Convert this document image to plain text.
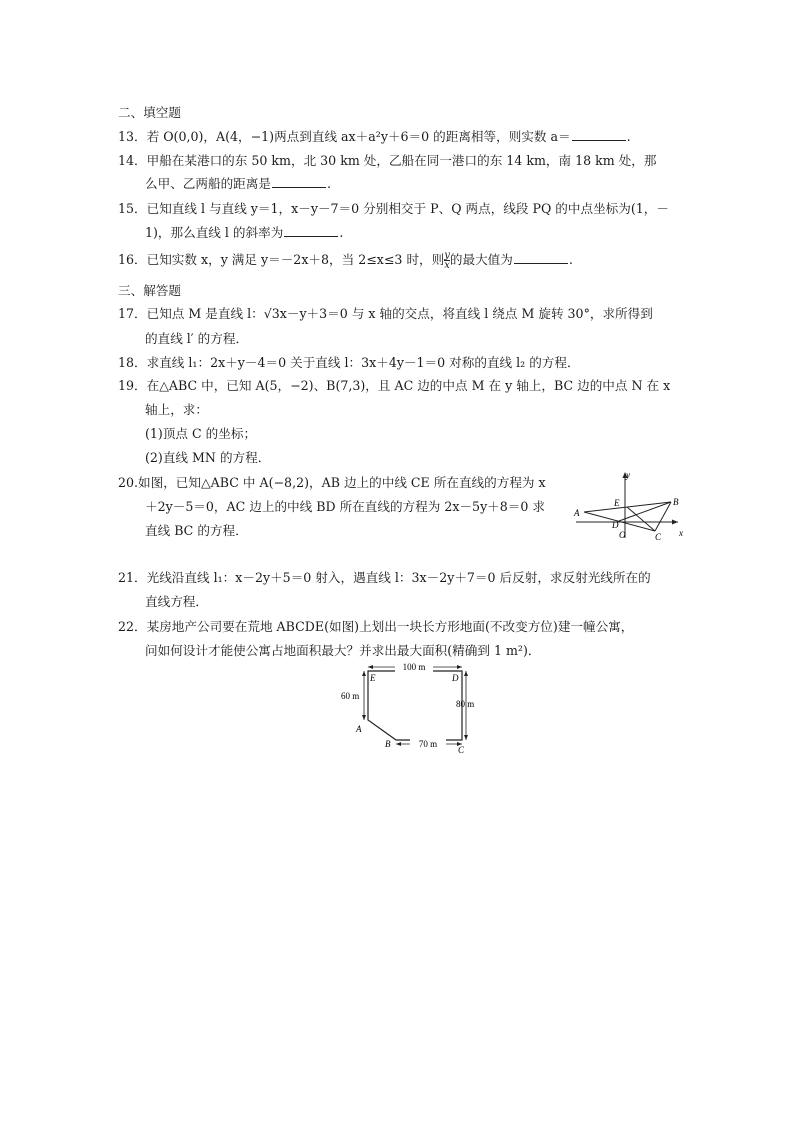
二、填空题
13．若 O(0,0)，A(4，−1)两点到直线 ax＋a²y＋6＝0 的距离相等，则实数 a＝	.
14．甲船在某港口的东 50 km，北 30 km 处，乙船在同一港口的东 14 km，南 18 km 处，那
么甲、乙两船的距离是	.
15．已知直线 l 与直线 y＝1，x－y－7＝0 分别相交于 P、Q 两点，线段 PQ 的中点坐标为(1，－
1)，那么直线 l 的斜率为	.
16．已知实数 x，y 满足 y＝－2x＋8，当 2≤x≤3 时，则 $\frac{y}{x}$ 的最大值为	.
三、解答题
17．已知点 M 是直线 l：√3x－y＋3＝0 与 x 轴的交点，将直线 l 绕点 M 旋转 30°，求所得到
的直线 l′ 的方程．
18．求直线 l₁：2x＋y－4＝0 关于直线 l：3x＋4y－1＝0 对称的直线 l₂ 的方程．
19．在△ABC 中，已知 A(5，−2)、B(7,3)，且 AC 边的中点 M 在 y 轴上，BC 边的中点 N 在 x
轴上，求：
(1)顶点 C 的坐标；
(2)直线 MN 的方程．
20.如图，已知△ABC 中 A(−8,2)，AB 边上的中线 CE 所在直线的方程为 x
＋2y－5＝0，AC 边上的中线 BD 所在直线的方程为 2x－5y＋8＝0 求
直线 BC 的方程．
y
x
A
B
C
D
E
O
21．光线沿直线 l₁：x－2y＋5＝0 射入，遇直线 l：3x－2y＋7＝0 后反射，求反射光线所在的
直线方程．
22．某房地产公司要在荒地 ABCDE(如图)上划出一块长方形地面(不改变方位)建一幢公寓，
问如何设计才能使公寓占地面积最大？并求出最大面积(精确到 1 m²)．
100 m
60 m
80 m
70 m
E	D
A
B
C
